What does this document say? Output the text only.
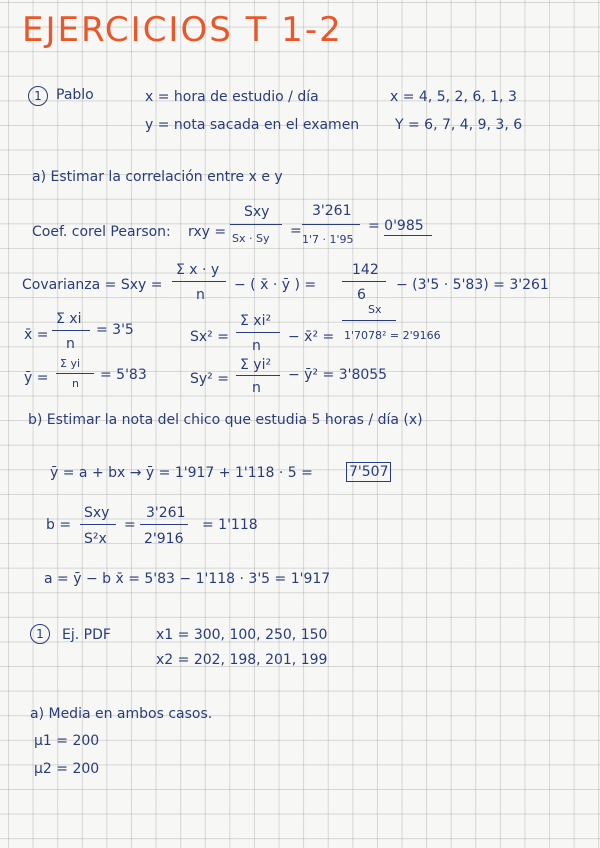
EJERCICIOS T 1-2
1	Pablo	x = hora de estudio / día	x = 4, 5, 2, 6, 1, 3
y = nota sacada en el examen	Y = 6, 7, 4, 9, 3, 6
a) Estimar la correlación entre x e y
Coef. corel Pearson: rxy =
Sxy
Sx · Sy =
3'261
1'7 · 1'95
= 0'985
Covarianza = Sxy =
Σ x · y
n
− ( x̄ · ȳ ) =
142
6
− (3'5 · 5'83) = 3'261
x̄ =
Σ xi
n
= 3'5	Sx² =
Σ xi²
n
− x̄² =
Sx
1'7078² = 2'9166
ȳ =
Σ yi
n
= 5'83	Sy² =
Σ yi²
n
− ȳ² = 3'8055
b) Estimar la nota del chico que estudia 5 horas / día (x)
ȳ = a + bx → ȳ = 1'917 + 1'118 · 5 =	7'507
b =
Sxy
S²x
=
3'261
2'916
= 1'118
a = ȳ − b x̄ = 5'83 − 1'118 · 3'5 = 1'917
1	Ej. PDF	x1 = 300, 100, 250, 150
x2 = 202, 198, 201, 199
a) Media en ambos casos.
μ1 = 200
μ2 = 200
